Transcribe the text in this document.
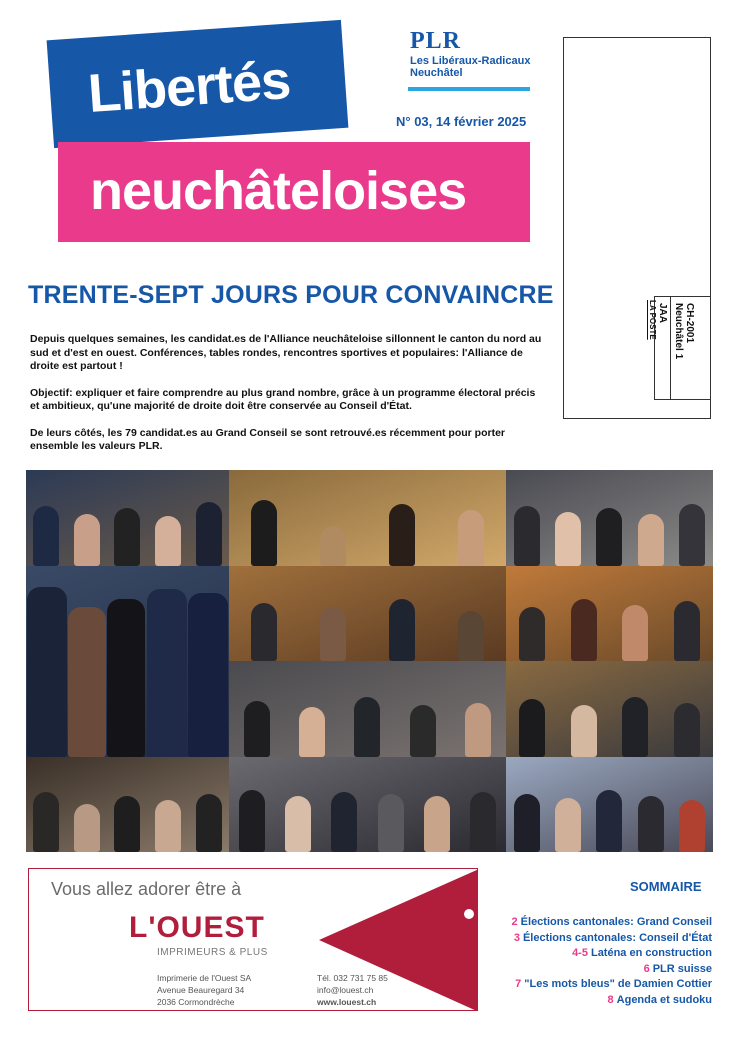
Libertés
neuchâteloises
PLR
Les Libéraux-Radicaux
Neuchâtel
N° 03, 14 février 2025
JAA	CH-2001 Neuchâtel 1
LA POSTE
TRENTE-SEPT JOURS POUR CONVAINCRE

Depuis quelques semaines, les candidat.es de l'Alliance neuchâteloise sillonnent le canton du nord au sud et d'est en ouest. Conférences, tables rondes, rencontres sportives et populaires: l'Alliance de droite est partout !

Objectif: expliquer et faire comprendre au plus grand nombre, grâce à un programme électoral précis et ambitieux, qu'une majorité de droite doit être conservée au Conseil d'État.

De leurs côtés, les 79 candidat.es au Grand Conseil se sont retrouvé.es récemment pour porter ensemble les valeurs PLR.

Vous allez adorer être à
L'OUEST
IMPRIMEURS & PLUS
Imprimerie de l'Ouest SA
Avenue Beauregard 34
2036 Cormondrèche
Tél. 032 731 75 85
info@louest.ch
www.louest.ch
SOMMAIRE
2 Élections cantonales: Grand Conseil
3 Élections cantonales: Conseil d'État
4-5 Laténa en construction
6 PLR suisse
7 "Les mots bleus" de Damien Cottier
8 Agenda et sudoku
